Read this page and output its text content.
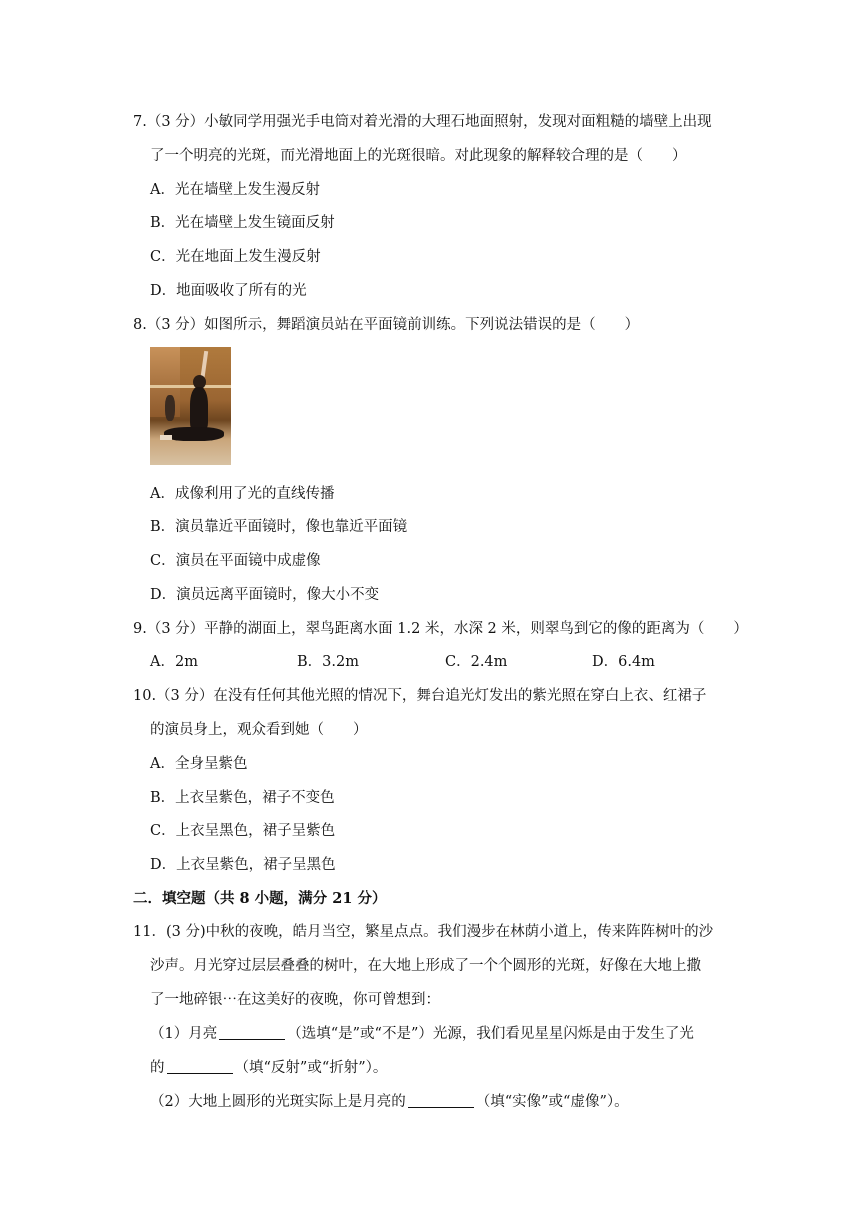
7.（3 分）小敏同学用强光手电筒对着光滑的大理石地面照射，发现对面粗糙的墙壁上出现
了一个明亮的光斑，而光滑地面上的光斑很暗。对此现象的解释较合理的是（　　）
A．光在墙壁上发生漫反射
B．光在墙壁上发生镜面反射
C．光在地面上发生漫反射
D．地面吸收了所有的光
8.（3 分）如图所示，舞蹈演员站在平面镜前训练。下列说法错误的是（　　）
A．成像利用了光的直线传播
B．演员靠近平面镜时，像也靠近平面镜
C．演员在平面镜中成虚像
D．演员远离平面镜时，像大小不变
9.（3 分）平静的湖面上，翠鸟距离水面 1.2 米，水深 2 米，则翠鸟到它的像的距离为（　　）
A．2m	B．3.2m	C．2.4m	D．6.4m
10.（3 分）在没有任何其他光照的情况下，舞台追光灯发出的紫光照在穿白上衣、红裙子
的演员身上，观众看到她（　　）
A．全身呈紫色
B．上衣呈紫色，裙子不变色
C．上衣呈黑色，裙子呈紫色
D．上衣呈紫色，裙子呈黑色
二．填空题（共 8 小题，满分 21 分）
11．(3 分)中秋的夜晚，皓月当空，繁星点点。我们漫步在林荫小道上，传来阵阵树叶的沙
沙声。月光穿过层层叠叠的树叶，在大地上形成了一个个圆形的光斑，好像在大地上撒
了一地碎银⋯在这美好的夜晚，你可曾想到：
（1）月亮	（选填“是”或“不是”）光源，我们看见星星闪烁是由于发生了光
的	（填“反射”或“折射”）。
（2）大地上圆形的光斑实际上是月亮的	（填“实像”或“虚像”）。
